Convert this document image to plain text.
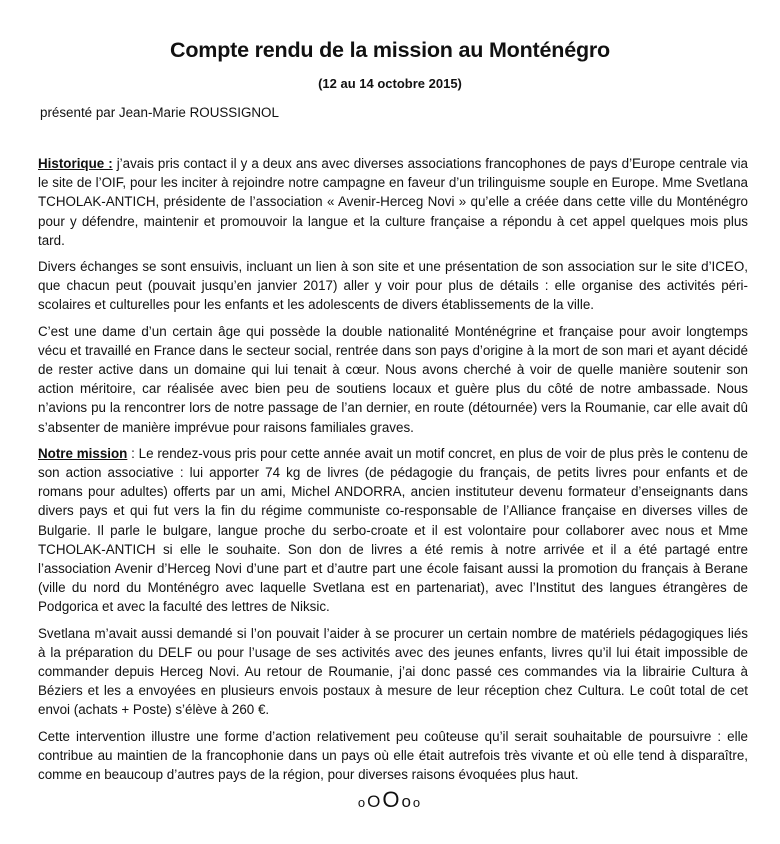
Compte rendu de la mission au Monténégro
(12 au 14 octobre 2015)
présenté par Jean-Marie ROUSSIGNOL

Historique : j’avais pris contact il y a deux ans avec diverses associations francophones de pays d’Europe centrale via le site de l’OIF, pour les inciter à rejoindre notre campagne en faveur d’un trilinguisme souple en Europe. Mme Svetlana TCHOLAK-ANTICH, présidente de l’association « Avenir-Herceg Novi » qu’elle a créée dans cette ville du Monténégro pour y défendre, maintenir et promouvoir la langue et la culture française a répondu à cet appel quelques mois plus tard.

Divers échanges se sont ensuivis, incluant un lien à son site et une présentation de son association sur le site d’ICEO, que chacun peut (pouvait jusqu’en janvier 2017) aller y voir pour plus de détails : elle organise des activités péri-scolaires et culturelles pour les enfants et les adolescents de divers établissements de la ville.

C’est une dame d’un certain âge qui possède la double nationalité Monténégrine et française pour avoir longtemps vécu et travaillé en France dans le secteur social, rentrée dans son pays d’origine à la mort de son mari et ayant décidé de rester active dans un domaine qui lui tenait à cœur. Nous avons cherché à voir de quelle manière soutenir son action méritoire, car réalisée avec bien peu de soutiens locaux et guère plus du côté de notre ambassade. Nous n’avions pu la rencontrer lors de notre passage de l’an dernier, en route (détournée) vers la Roumanie, car elle avait dû s’absenter de manière imprévue pour raisons familiales graves.

Notre mission : Le rendez-vous pris pour cette année avait un motif concret, en plus de voir de plus près le contenu de son action associative : lui apporter 74 kg de livres (de pédagogie du français, de petits livres pour enfants et de romans pour adultes) offerts par un ami, Michel ANDORRA, ancien instituteur devenu formateur d’enseignants dans divers pays et qui fut vers la fin du régime communiste co-responsable de l’Alliance française en diverses villes de Bulgarie. Il parle le bulgare, langue proche du serbo-croate et il est volontaire pour collaborer avec nous et Mme TCHOLAK-ANTICH si elle le souhaite. Son don de livres a été remis à notre arrivée et il a été partagé entre l’association Avenir d’Herceg Novi d’une part et d’autre part une école faisant aussi la promotion du français à Berane (ville du nord du Monténégro avec laquelle Svetlana est en partenariat), avec l’Institut des langues étrangères de Podgorica et avec la faculté des lettres de Niksic.

Svetlana m’avait aussi demandé si l’on pouvait l’aider à se procurer un certain nombre de matériels pédagogiques liés à la préparation du DELF ou pour l’usage de ses activités avec des jeunes enfants, livres qu’il lui était impossible de commander depuis Herceg Novi. Au retour de Roumanie, j’ai donc passé ces commandes via la librairie Cultura à Béziers et les a envoyées en plusieurs envois postaux à mesure de leur réception chez Cultura. Le coût total de cet envoi (achats + Poste) s’élève à 260 €.

Cette intervention illustre une forme d’action relativement peu coûteuse qu’il serait souhaitable de poursuivre : elle contribue au maintien de la francophonie dans un pays où elle était autrefois très vivante et où elle tend à disparaître, comme en beaucoup d’autres pays de la région, pour diverses raisons évoquées plus haut.

oOOoo
